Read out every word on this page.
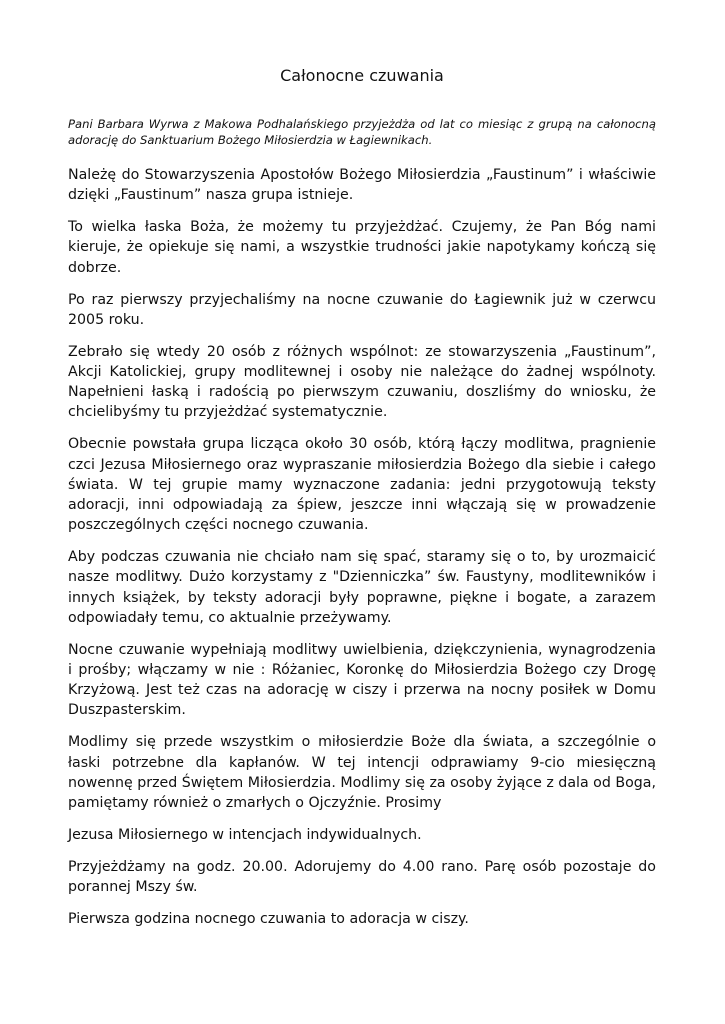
Całonocne czuwania

Pani Barbara Wyrwa z Makowa Podhalańskiego przyjeżdża od lat co miesiąc z grupą na całonocną adorację do Sanktuarium Bożego Miłosierdzia w Łagiewnikach.

Należę do Stowarzyszenia Apostołów Bożego Miłosierdzia „Faustinum” i właściwie dzięki „Faustinum” nasza grupa istnieje.

To wielka łaska Boża, że możemy tu przyjeżdżać. Czujemy, że Pan Bóg nami kieruje, że opiekuje się nami, a wszystkie trudności jakie napotykamy kończą się dobrze.

Po raz pierwszy przyjechaliśmy na nocne czuwanie do Łagiewnik już w czerwcu 2005 roku.

Zebrało się wtedy 20 osób z różnych wspólnot: ze stowarzyszenia „Faustinum”, Akcji Katolickiej, grupy modlitewnej i osoby nie należące do żadnej wspólnoty. Napełnieni łaską i radością po pierwszym czuwaniu, doszliśmy do wniosku, że chcielibyśmy tu przyjeżdżać systematycznie.

Obecnie powstała grupa licząca około 30 osób, którą łączy modlitwa, pragnienie czci Jezusa Miłosiernego oraz wypraszanie miłosierdzia Bożego dla siebie i całego świata. W tej grupie mamy wyznaczone zadania: jedni przygotowują teksty adoracji, inni odpowiadają za śpiew, jeszcze inni włączają się w prowadzenie poszczególnych części nocnego czuwania.

Aby podczas czuwania nie chciało nam się spać, staramy się o to, by urozmaicić nasze modlitwy. Dużo korzystamy z "Dzienniczka” św. Faustyny, modlitewników i innych książek, by teksty adoracji były poprawne, piękne i bogate, a zarazem odpowiadały temu, co aktualnie przeżywamy.

Nocne czuwanie wypełniają modlitwy uwielbienia, dziękczynienia, wynagrodzenia i prośby; włączamy w nie : Różaniec, Koronkę do Miłosierdzia Bożego czy Drogę Krzyżową. Jest też czas na adorację w ciszy i przerwa na nocny posiłek w Domu Duszpasterskim.

Modlimy się przede wszystkim o miłosierdzie Boże dla świata, a szczególnie o łaski potrzebne dla kapłanów. W tej intencji odprawiamy 9-cio miesięczną nowennę przed Świętem Miłosierdzia. Modlimy się za osoby żyjące z dala od Boga, pamiętamy również o zmarłych o Ojczyźnie. Prosimy

Jezusa Miłosiernego w intencjach indywidualnych.

Przyjeżdżamy na godz. 20.00. Adorujemy do 4.00 rano. Parę osób pozostaje do porannej Mszy św.

Pierwsza godzina nocnego czuwania to adoracja w ciszy.
